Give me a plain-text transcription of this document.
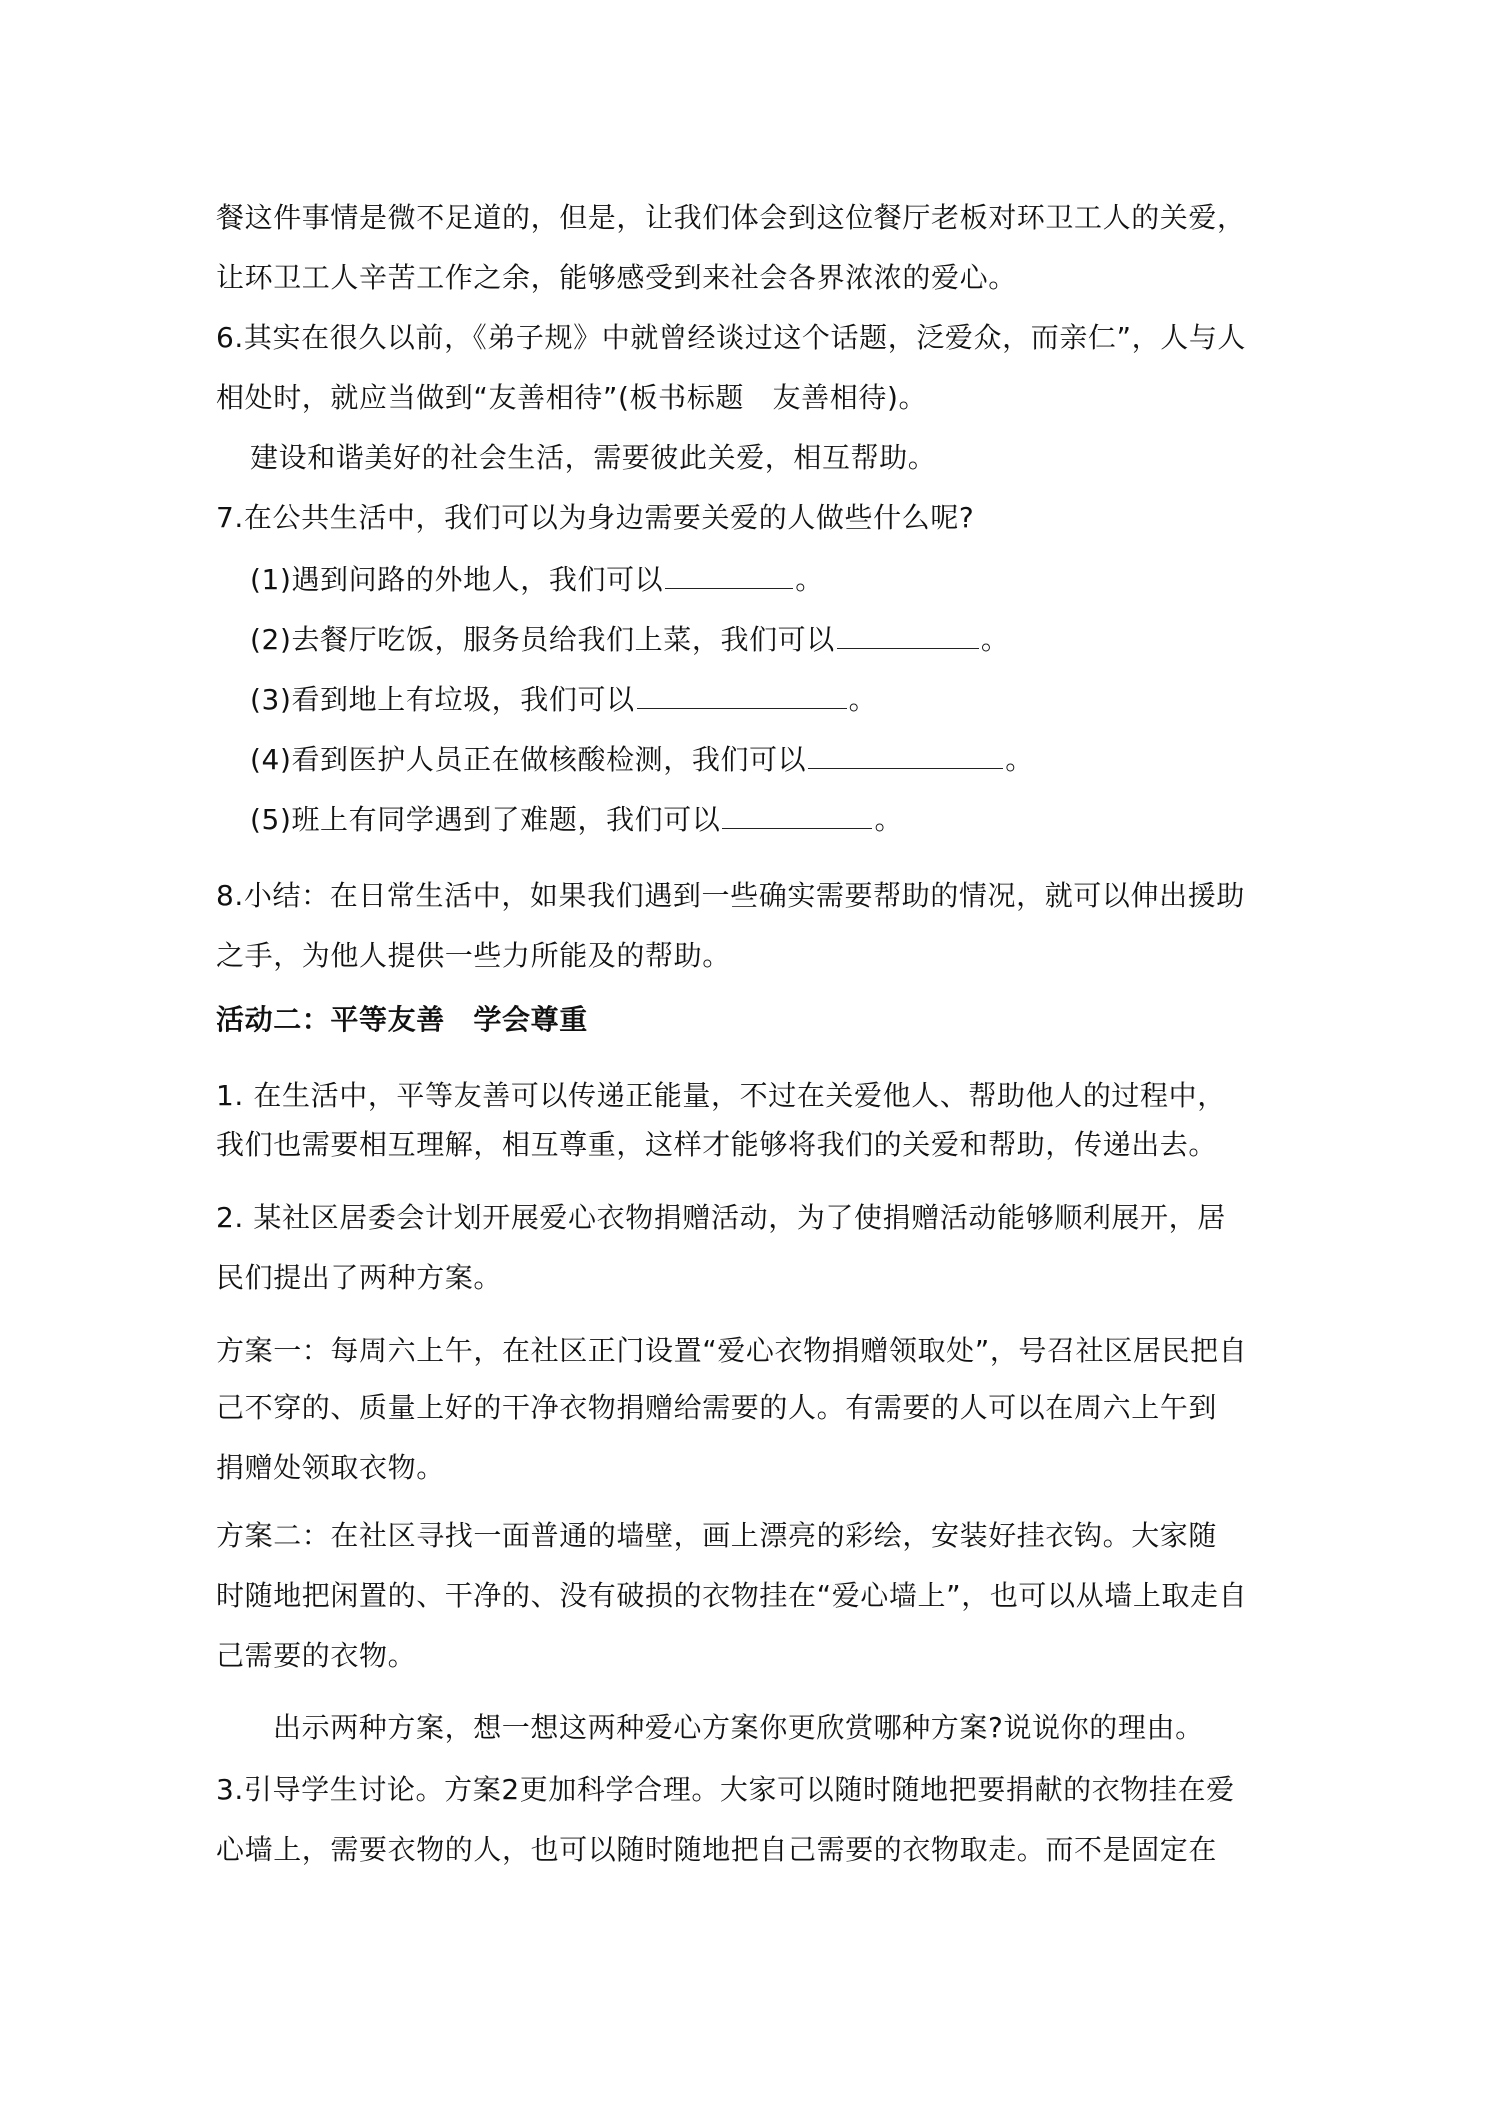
餐这件事情是微不足道的，但是，让我们体会到这位餐厅老板对环卫工人的关爱，
让环卫工人辛苦工作之余，能够感受到来社会各界浓浓的爱心。
6.其实在很久以前，《弟子规》中就曾经谈过这个话题，泛爱众，而亲仁”，人与人
相处时，就应当做到“友善相待”(板书标题　友善相待)。
建设和谐美好的社会生活，需要彼此关爱，相互帮助。
7.在公共生活中，我们可以为身边需要关爱的人做些什么呢?
(1)遇到问路的外地人，我们可以	。
(2)去餐厅吃饭，服务员给我们上菜，我们可以	。
(3)看到地上有垃圾，我们可以	。
(4)看到医护人员正在做核酸检测，我们可以	。
(5)班上有同学遇到了难题，我们可以	。
8.小结：在日常生活中，如果我们遇到一些确实需要帮助的情况，就可以伸出援助
之手，为他人提供一些力所能及的帮助。
活动二：平等友善　学会尊重
1. 在生活中，平等友善可以传递正能量，不过在关爱他人、帮助他人的过程中，
我们也需要相互理解，相互尊重，这样才能够将我们的关爱和帮助，传递出去。
2. 某社区居委会计划开展爱心衣物捐赠活动，为了使捐赠活动能够顺利展开，居
民们提出了两种方案。
方案一：每周六上午，在社区正门设置“爱心衣物捐赠领取处”，号召社区居民把自
己不穿的、质量上好的干净衣物捐赠给需要的人。有需要的人可以在周六上午到
捐赠处领取衣物。
方案二：在社区寻找一面普通的墙壁，画上漂亮的彩绘，安装好挂衣钩。大家随
时随地把闲置的、干净的、没有破损的衣物挂在“爱心墙上”，也可以从墙上取走自
己需要的衣物。
出示两种方案，想一想这两种爱心方案你更欣赏哪种方案?说说你的理由。
3.引导学生讨论。方案2更加科学合理。大家可以随时随地把要捐献的衣物挂在爱
心墙上，需要衣物的人，也可以随时随地把自己需要的衣物取走。而不是固定在
